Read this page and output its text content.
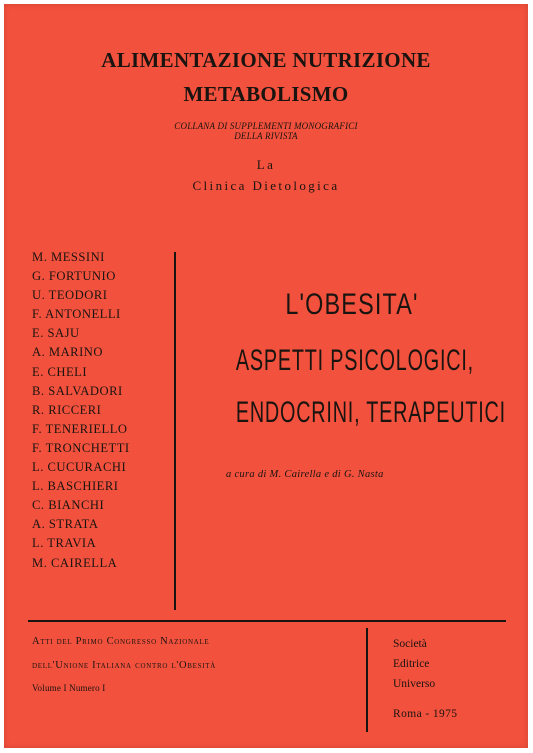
ALIMENTAZIONE NUTRIZIONE
METABOLISMO
COLLANA DI SUPPLEMENTI MONOGRAFICI
DELLA RIVISTA
La
Clinica Dietologica
M. MESSINI
G. FORTUNIO
U. TEODORI
F. ANTONELLI
E. SAJU
A. MARINO
E. CHELI
B. SALVADORI
R. RICCERI
F. TENERIELLO
F. TRONCHETTI
L. CUCURACHI
L. BASCHIERI
C. BIANCHI
A. STRATA
L. TRAVIA
M. CAIRELLA
L'OBESITA'
ASPETTI PSICOLOGICI,
ENDOCRINI, TERAPEUTICI
a cura di M. Cairella e di G. Nasta
Atti del Primo Congresso Nazionale
dell'Unione Italiana contro l'Obesità
Volume I Numero I
Società
Editrice
Universo
Roma - 1975
